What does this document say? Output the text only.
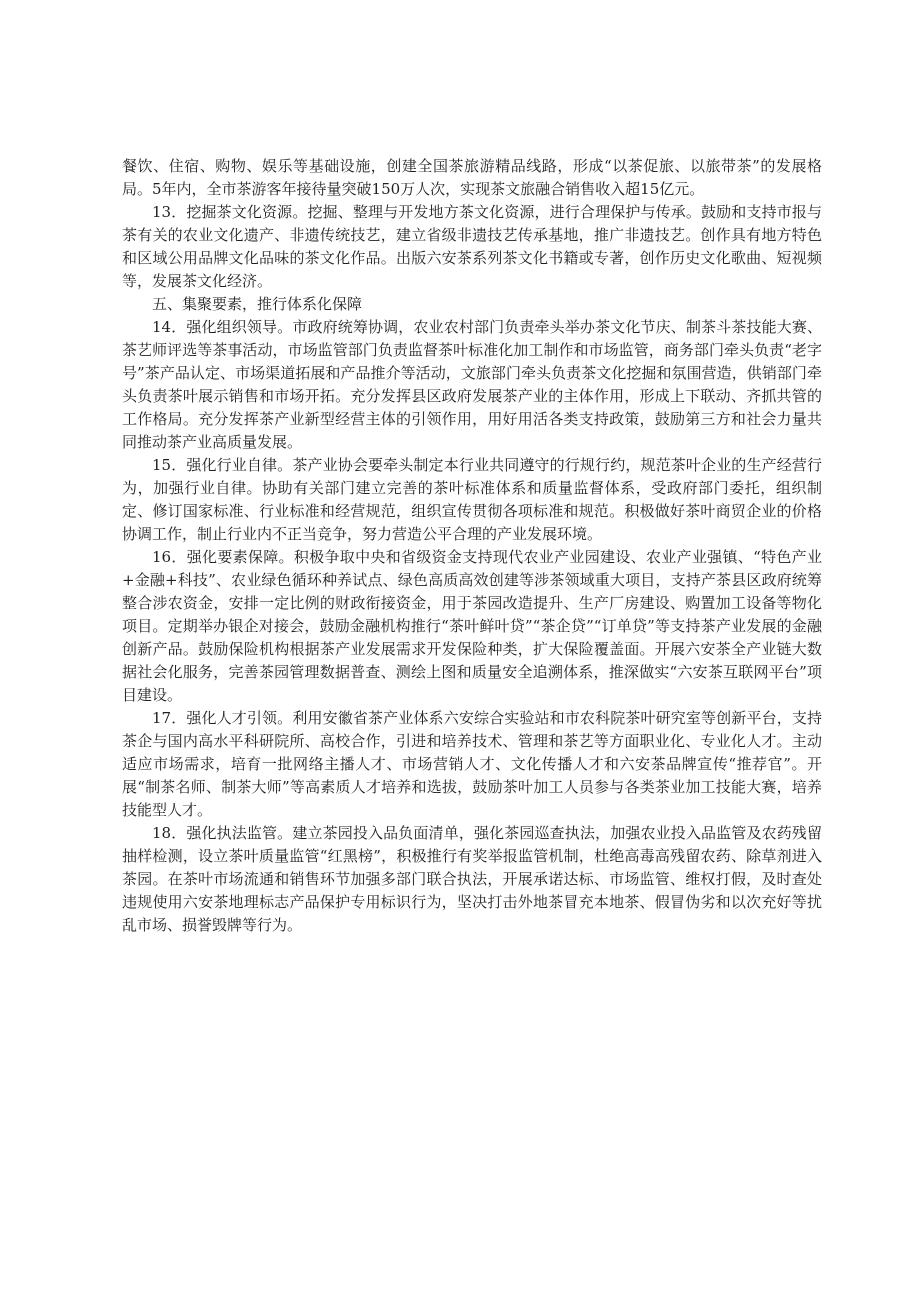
餐饮、住宿、购物、娱乐等基础设施，创建全国茶旅游精品线路，形成“以茶促旅、以旅带茶”的发展格局。5年内，全市茶游客年接待量突破150万人次，实现茶文旅融合销售收入超15亿元。

13．挖掘茶文化资源。挖掘、整理与开发地方茶文化资源，进行合理保护与传承。鼓励和支持市报与茶有关的农业文化遗产、非遗传统技艺，建立省级非遗技艺传承基地，推广非遗技艺。创作具有地方特色和区域公用品牌文化品味的茶文化作品。出版六安茶系列茶文化书籍或专著，创作历史文化歌曲、短视频等，发展茶文化经济。

五、集聚要素，推行体系化保障

14．强化组织领导。市政府统筹协调，农业农村部门负责牵头举办茶文化节庆、制茶斗茶技能大赛、茶艺师评选等茶事活动，市场监管部门负责监督茶叶标准化加工制作和市场监管，商务部门牵头负责“老字号”茶产品认定、市场渠道拓展和产品推介等活动，文旅部门牵头负责茶文化挖掘和氛围营造，供销部门牵头负责茶叶展示销售和市场开拓。充分发挥县区政府发展茶产业的主体作用，形成上下联动、齐抓共管的工作格局。充分发挥茶产业新型经营主体的引领作用，用好用活各类支持政策，鼓励第三方和社会力量共同推动茶产业高质量发展。

15．强化行业自律。茶产业协会要牵头制定本行业共同遵守的行规行约，规范茶叶企业的生产经营行为，加强行业自律。协助有关部门建立完善的茶叶标准体系和质量监督体系，受政府部门委托，组织制定、修订国家标准、行业标准和经营规范，组织宣传贯彻各项标准和规范。积极做好茶叶商贸企业的价格协调工作，制止行业内不正当竞争，努力营造公平合理的产业发展环境。

16．强化要素保障。积极争取中央和省级资金支持现代农业产业园建设、农业产业强镇、“特色产业+金融+科技”、农业绿色循环种养试点、绿色高质高效创建等涉茶领域重大项目，支持产茶县区政府统筹整合涉农资金，安排一定比例的财政衔接资金，用于茶园改造提升、生产厂房建设、购置加工设备等物化项目。定期举办银企对接会，鼓励金融机构推行“茶叶鲜叶贷”“茶企贷”“订单贷”等支持茶产业发展的金融创新产品。鼓励保险机构根据茶产业发展需求开发保险种类，扩大保险覆盖面。开展六安茶全产业链大数据社会化服务，完善茶园管理数据普查、测绘上图和质量安全追溯体系，推深做实“六安茶互联网平台”项目建设。

17．强化人才引领。利用安徽省茶产业体系六安综合实验站和市农科院茶叶研究室等创新平台，支持茶企与国内高水平科研院所、高校合作，引进和培养技术、管理和茶艺等方面职业化、专业化人才。主动适应市场需求，培育一批网络主播人才、市场营销人才、文化传播人才和六安茶品牌宣传“推荐官”。开展“制茶名师、制茶大师”等高素质人才培养和选拔，鼓励茶叶加工人员参与各类茶业加工技能大赛，培养技能型人才。

18．强化执法监管。建立茶园投入品负面清单，强化茶园巡查执法，加强农业投入品监管及农药残留抽样检测，设立茶叶质量监管“红黑榜”，积极推行有奖举报监管机制，杜绝高毒高残留农药、除草剂进入茶园。在茶叶市场流通和销售环节加强多部门联合执法，开展承诺达标、市场监管、维权打假，及时查处违规使用六安茶地理标志产品保护专用标识行为，坚决打击外地茶冒充本地茶、假冒伪劣和以次充好等扰乱市场、损誉毁牌等行为。
